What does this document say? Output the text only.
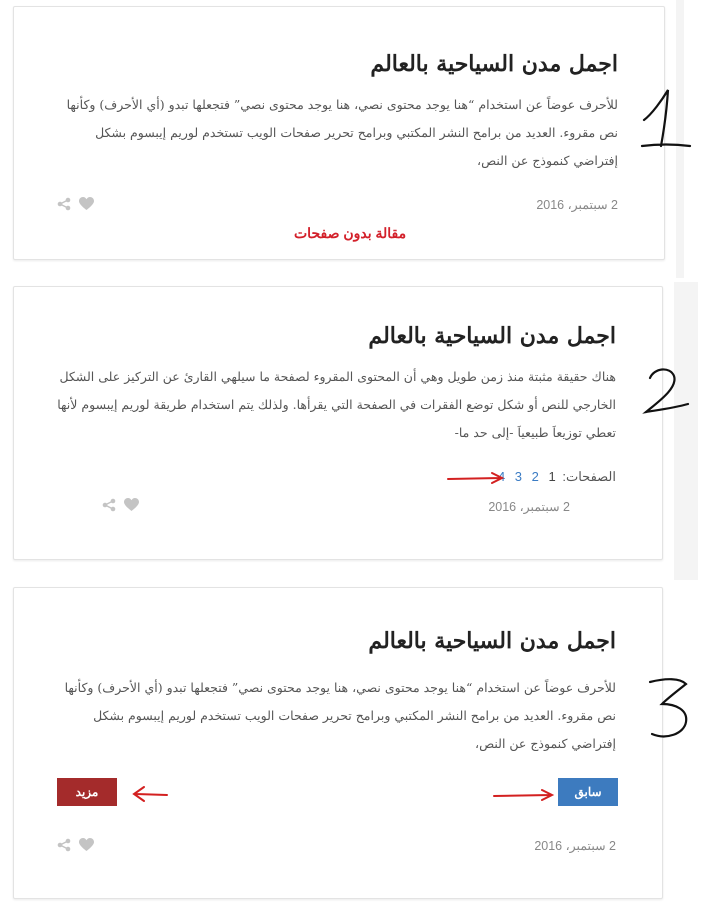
اجمل مدن السياحية بالعالم

للأحرف عوضاً عن استخدام “هنا يوجد محتوى نصي، هنا يوجد محتوى نصي” فتجعلها تبدو (أي الأحرف) وكأنها نص مقروء. العديد من برامح النشر المكتبي وبرامح تحرير صفحات الويب تستخدم لوريم إيبسوم بشكل إفتراضي كنموذج عن النص،

2 سبتمبر، 2016
مقالة بدون صفحات
اجمل مدن السياحية بالعالم

هناك حقيقة مثبتة منذ زمن طويل وهي أن المحتوى المقروء لصفحة ما سيلهي القارئ عن التركيز على الشكل الخارجي للنص أو شكل توضع الفقرات في الصفحة التي يقرأها. ولذلك يتم استخدام طريقة لوريم إيبسوم لأنها تعطي توزيعاَ طبيعياَ -إلى حد ما-

الصفحات: 1 2 3 4
2 سبتمبر، 2016
اجمل مدن السياحية بالعالم

للأحرف عوضاً عن استخدام “هنا يوجد محتوى نصي، هنا يوجد محتوى نصي” فتجعلها تبدو (أي الأحرف) وكأنها نص مقروء. العديد من برامح النشر المكتبي وبرامح تحرير صفحات الويب تستخدم لوريم إيبسوم بشكل إفتراضي كنموذج عن النص،

سابق
مزيد
2 سبتمبر، 2016
